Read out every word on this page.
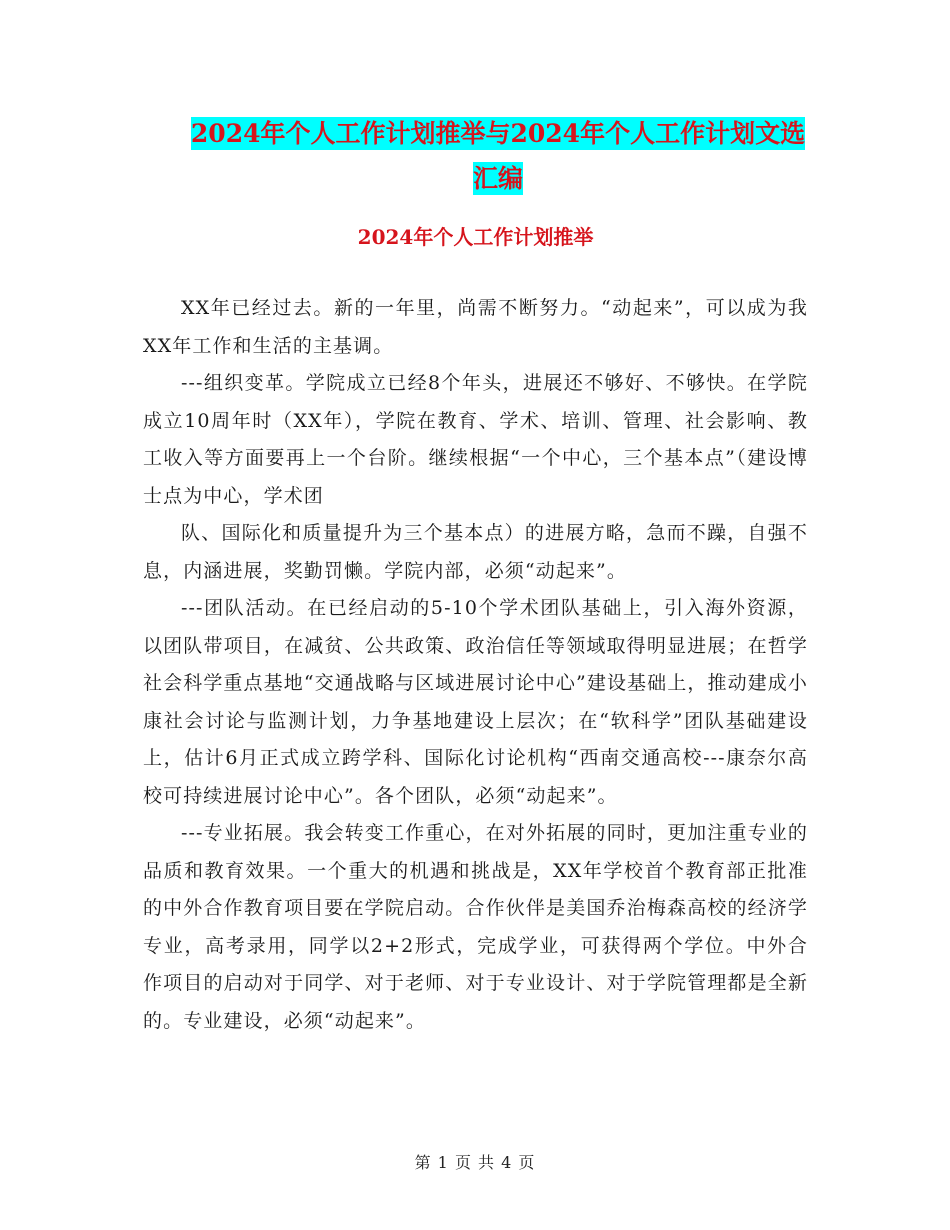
2024年个人工作计划推举与2024年个人工作计划文选
汇编
2024年个人工作计划推举

XX年已经过去。新的一年里，尚需不断努力。“动起来”，可以成为我XX年工作和生活的主基调。

---组织变革。学院成立已经8个年头，进展还不够好、不够快。在学院成立10周年时（XX年），学院在教育、学术、培训、管理、社会影响、教工收入等方面要再上一个台阶。继续根据“一个中心，三个基本点”（建设博士点为中心，学术团

队、国际化和质量提升为三个基本点）的进展方略，急而不躁，自强不息，内涵进展，奖勤罚懒。学院内部，必须“动起来”。

---团队活动。在已经启动的5-10个学术团队基础上，引入海外资源，以团队带项目，在减贫、公共政策、政治信任等领域取得明显进展；在哲学社会科学重点基地“交通战略与区域进展讨论中心”建设基础上，推动建成小康社会讨论与监测计划，力争基地建设上层次；在“软科学”团队基础建设上，估计6月正式成立跨学科、国际化讨论机构“西南交通高校---康奈尔高校可持续进展讨论中心”。各个团队，必须“动起来”。

---专业拓展。我会转变工作重心，在对外拓展的同时，更加注重专业的品质和教育效果。一个重大的机遇和挑战是，XX年学校首个教育部正批准的中外合作教育项目要在学院启动。合作伙伴是美国乔治梅森高校的经济学专业，高考录用，同学以2+2形式，完成学业，可获得两个学位。中外合作项目的启动对于同学、对于老师、对于专业设计、对于学院管理都是全新的。专业建设，必须“动起来”。

第 1 页 共 4 页
